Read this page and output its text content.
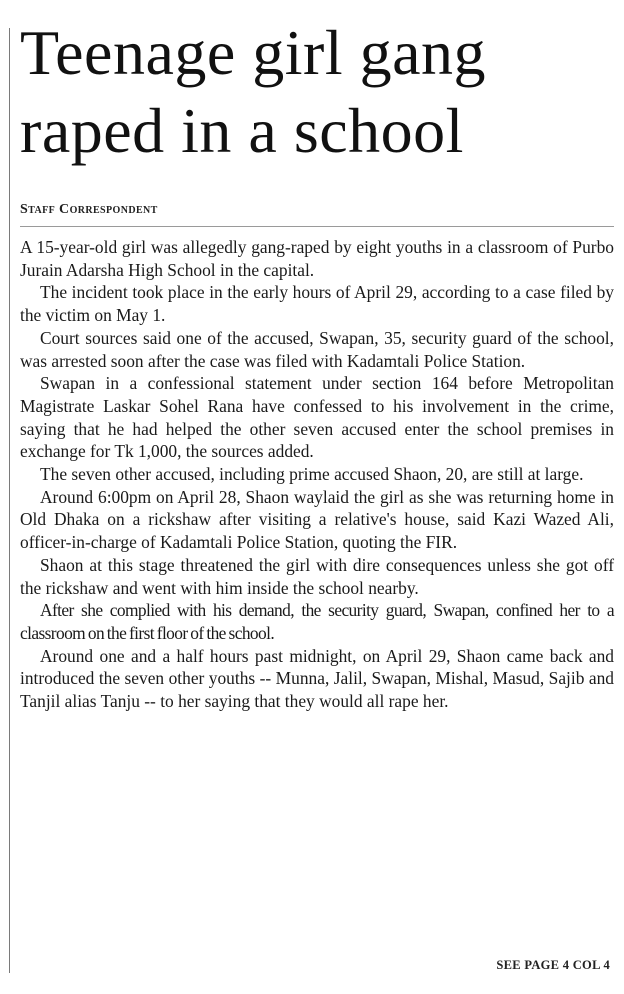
Teenage girl gang
raped in a school
Staff Correspondent

A 15-year-old girl was allegedly gang-raped by eight youths in a classroom of Purbo Jurain Adarsha High School in the capital.

The incident took place in the early hours of April 29, according to a case filed by the victim on May 1.

Court sources said one of the accused, Swapan, 35, security guard of the school, was arrested soon after the case was filed with Kadamtali Police Station.

Swapan in a confessional statement under section 164 before Metropolitan Magistrate Laskar Sohel Rana have confessed to his involvement in the crime, saying that he had helped the other seven accused enter the school premises in exchange for Tk 1,000, the sources added.

The seven other accused, including prime accused Shaon, 20, are still at large.

Around 6:00pm on April 28, Shaon waylaid the girl as she was returning home in Old Dhaka on a rickshaw after visiting a relative's house, said Kazi Wazed Ali, officer-in-charge of Kadamtali Police Station, quoting the FIR.

Shaon at this stage threatened the girl with dire consequences unless she got off the rickshaw and went with him inside the school nearby.

After she complied with his demand, the security guard, Swapan, confined her to a classroom on the first floor of the school.

Around one and a half hours past midnight, on April 29, Shaon came back and introduced the seven other youths -- Munna, Jalil, Swapan, Mishal, Masud, Sajib and Tanjil alias Tanju -- to her saying that they would all rape her.

SEE PAGE 4 COL 4
